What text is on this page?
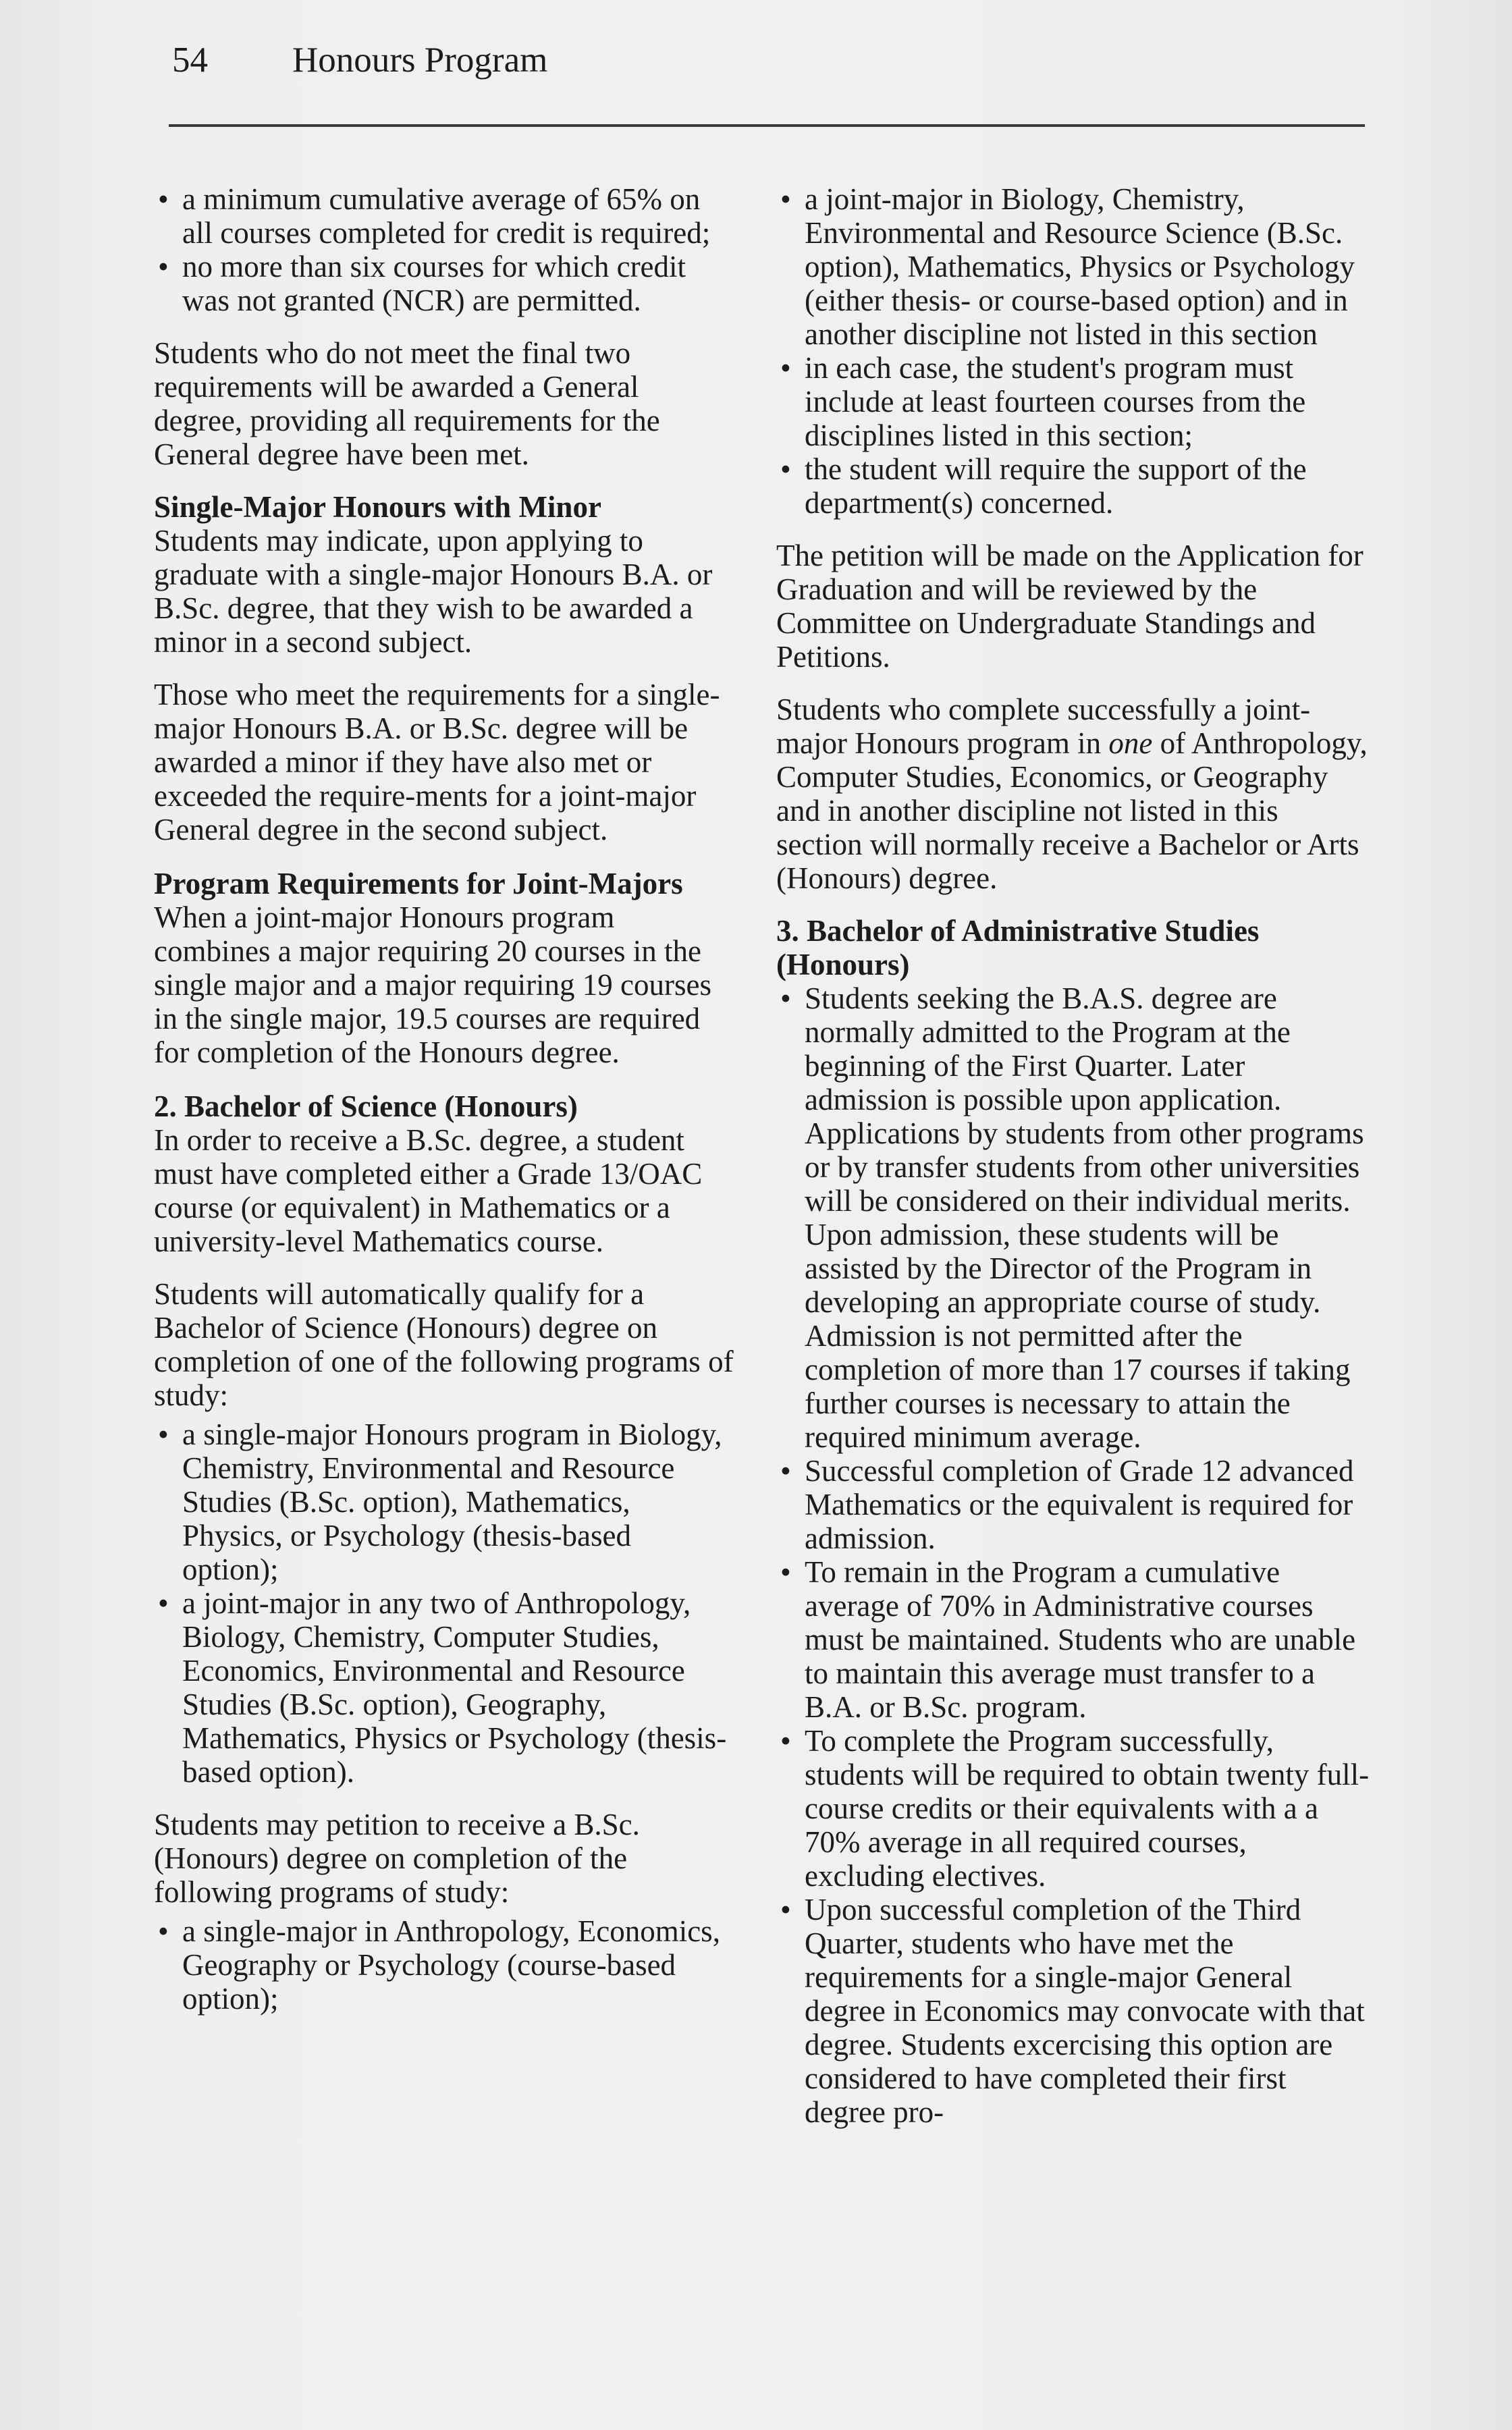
54 Honours Program
• a minimum cumulative average of 65% on all courses completed for credit is required;
• no more than six courses for which credit was not granted (NCR) are permitted.

Students who do not meet the final two requirements will be awarded a General degree, providing all requirements for the General degree have been met.

Single-Major Honours with Minor

Students may indicate, upon applying to graduate with a single-major Honours B.A. or B.Sc. degree, that they wish to be awarded a minor in a second subject.

Those who meet the requirements for a single-major Honours B.A. or B.Sc. degree will be awarded a minor if they have also met or exceeded the require-ments for a joint-major General degree in the second subject.

Program Requirements for Joint-Majors

When a joint-major Honours program combines a major requiring 20 courses in the single major and a major requiring 19 courses in the single major, 19.5 courses are required for completion of the Honours degree.

2. Bachelor of Science (Honours)

In order to receive a B.Sc. degree, a student must have completed either a Grade 13/OAC course (or equivalent) in Mathematics or a university-level Mathematics course.

Students will automatically qualify for a Bachelor of Science (Honours) degree on completion of one of the following programs of study:

• a single-major Honours program in Biology, Chemistry, Environmental and Resource Studies (B.Sc. option), Mathematics, Physics, or Psychology (thesis-based option);
• a joint-major in any two of Anthropology, Biology, Chemistry, Computer Studies, Economics, Environmental and Resource Studies (B.Sc. option), Geography, Mathematics, Physics or Psychology (thesis-based option).

Students may petition to receive a B.Sc. (Honours) degree on completion of the following programs of study:

• a single-major in Anthropology, Economics, Geography or Psychology (course-based option);
• a joint-major in Biology, Chemistry, Environmental and Resource Science (B.Sc. option), Mathematics, Physics or Psychology (either thesis- or course-based option) and in another discipline not listed in this section
• in each case, the student's program must include at least fourteen courses from the disciplines listed in this section;
• the student will require the support of the department(s) concerned.

The petition will be made on the Application for Graduation and will be reviewed by the Committee on Undergraduate Standings and Petitions.

Students who complete successfully a joint-major Honours program in one of Anthropology, Computer Studies, Economics, or Geography and in another discipline not listed in this section will normally receive a Bachelor or Arts (Honours) degree.

3. Bachelor of Administrative Studies (Honours)
• Students seeking the B.A.S. degree are normally admitted to the Program at the beginning of the First Quarter. Later admission is possible upon application. Applications by students from other programs or by transfer students from other universities will be considered on their individual merits. Upon admission, these students will be assisted by the Director of the Program in developing an appropriate course of study. Admission is not permitted after the completion of more than 17 courses if taking further courses is necessary to attain the required minimum average.
• Successful completion of Grade 12 advanced Mathematics or the equivalent is required for admission.
• To remain in the Program a cumulative average of 70% in Administrative courses must be maintained. Students who are unable to maintain this average must transfer to a B.A. or B.Sc. program.
• To complete the Program successfully, students will be required to obtain twenty full-course credits or their equivalents with a a 70% average in all required courses, excluding electives.
• Upon successful completion of the Third Quarter, students who have met the requirements for a single-major General degree in Economics may convocate with that degree. Students excercising this option are considered to have completed their first degree pro-
